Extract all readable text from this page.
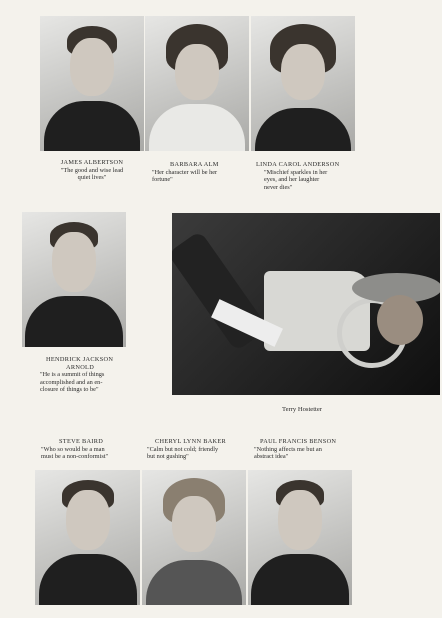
JAMES ALBERTSON
"The good and wise lead
quiet lives"
BARBARA ALM
"Her character will be her
fortune"
LINDA CAROL ANDERSON
"Mischief sparkles in her
eyes, and her laughter
never dies"
HENDRICK JACKSON
ARNOLD
"He is a summit of things
accomplished and an en-
closure of things to be"
Terry Hostetter
STEVE BAIRD
"Who so would be a man
must be a non-conformist"
CHERYL LYNN BAKER
"Calm but not cold; friendly
but not gushing"
PAUL FRANCIS BENSON
"Nothing affects me but an
abstract idea"
